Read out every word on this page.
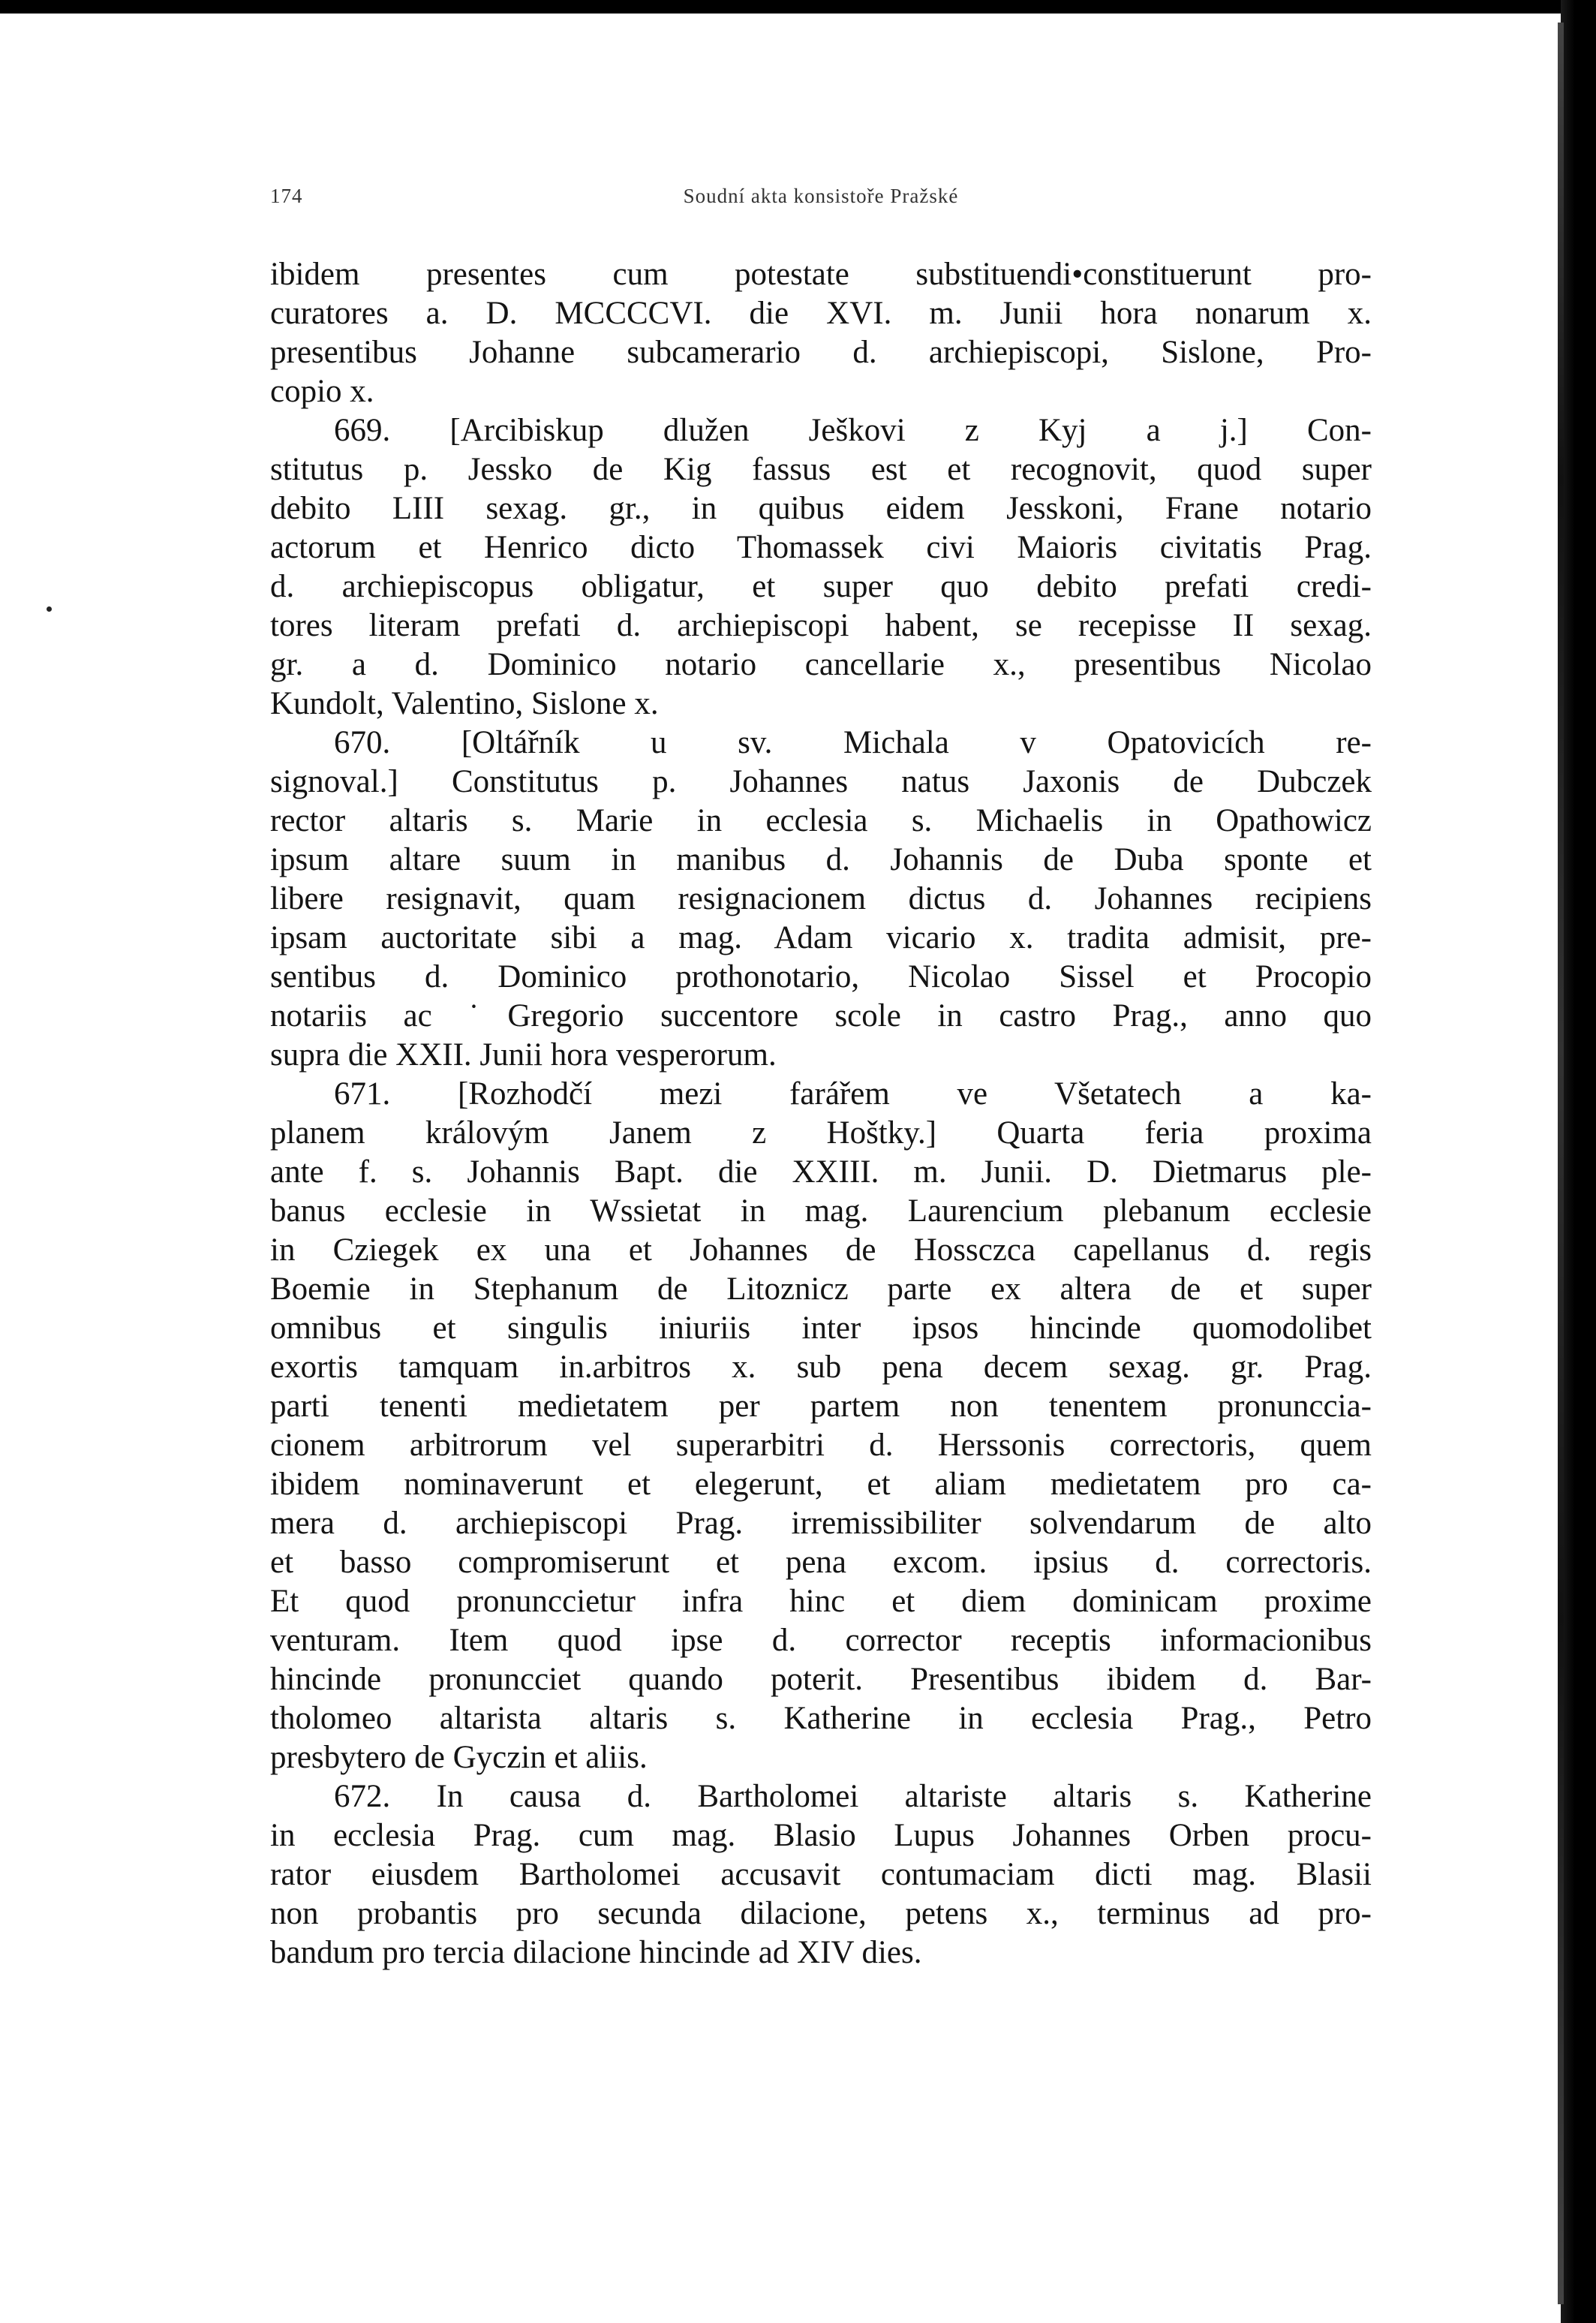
174	Soudní akta konsistoře Pražské
ibidem presentes cum potestate substituendi•constituerunt pro-
curatores a. D. MCCCCVI. die XVI. m. Junii hora nonarum x.
presentibus Johanne subcamerario d. archiepiscopi, Sislone, Pro-
copio x.
669. [Arcibiskup dlužen Ješkovi z Kyj a j.] Con-
stitutus p. Jessko de Kig fassus est et recognovit, quod super
debito LIII sexag. gr., in quibus eidem Jesskoni, Frane notario
actorum et Henrico dicto Thomassek civi Maioris civitatis Prag.
d. archiepiscopus obligatur, et super quo debito prefati credi-
tores literam prefati d. archiepiscopi habent, se recepisse II sexag.
gr. a d. Dominico notario cancellarie x., presentibus Nicolao
Kundolt, Valentino, Sislone x.
670. [Oltářník u sv. Michala v Opatovicích re-
signoval.] Constitutus p. Johannes natus Jaxonis de Dubczek
rector altaris s. Marie in ecclesia s. Michaelis in Opathowicz
ipsum altare suum in manibus d. Johannis de Duba sponte et
libere resignavit, quam resignacionem dictus d. Johannes recipiens
ipsam auctoritate sibi a mag. Adam vicario x. tradita admisit, pre-
sentibus d. Dominico prothonotario, Nicolao Sissel et Procopio
notariis ac ˙Gregorio succentore scole in castro Prag., anno quo
supra die XXII. Junii hora vesperorum.
671. [Rozhodčí mezi farářem ve Všetatech a ka-
planem královým Janem z Hoštky.] Quarta feria proxima
ante f. s. Johannis Bapt. die XXIII. m. Junii. D. Dietmarus ple-
banus ecclesie in Wssietat in mag. Laurencium plebanum ecclesie
in Cziegek ex una et Johannes de Hossczca capellanus d. regis
Boemie in Stephanum de Litoznicz parte ex altera de et super
omnibus et singulis iniuriis inter ipsos hincinde quomodolibet
exortis tamquam in.arbitros x. sub pena decem sexag. gr. Prag.
parti tenenti medietatem per partem non tenentem pronunccia-
cionem arbitrorum vel superarbitri d. Herssonis correctoris, quem
ibidem nominaverunt et elegerunt, et aliam medietatem pro ca-
mera d. archiepiscopi Prag. irremissibiliter solvendarum de alto
et basso compromiserunt et pena excom. ipsius d. correctoris.
Et quod pronunccietur infra hinc et diem dominicam proxime
venturam. Item quod ipse d. corrector receptis informacionibus
hincinde pronuncciet quando poterit. Presentibus ibidem d. Bar-
tholomeo altarista altaris s. Katherine in ecclesia Prag., Petro
presbytero de Gyczin et aliis.
672. In causa d. Bartholomei altariste altaris s. Katherine
in ecclesia Prag. cum mag. Blasio Lupus Johannes Orben procu-
rator eiusdem Bartholomei accusavit contumaciam dicti mag. Blasii
non probantis pro secunda dilacione, petens x., terminus ad pro-
bandum pro tercia dilacione hincinde ad XIV dies.
